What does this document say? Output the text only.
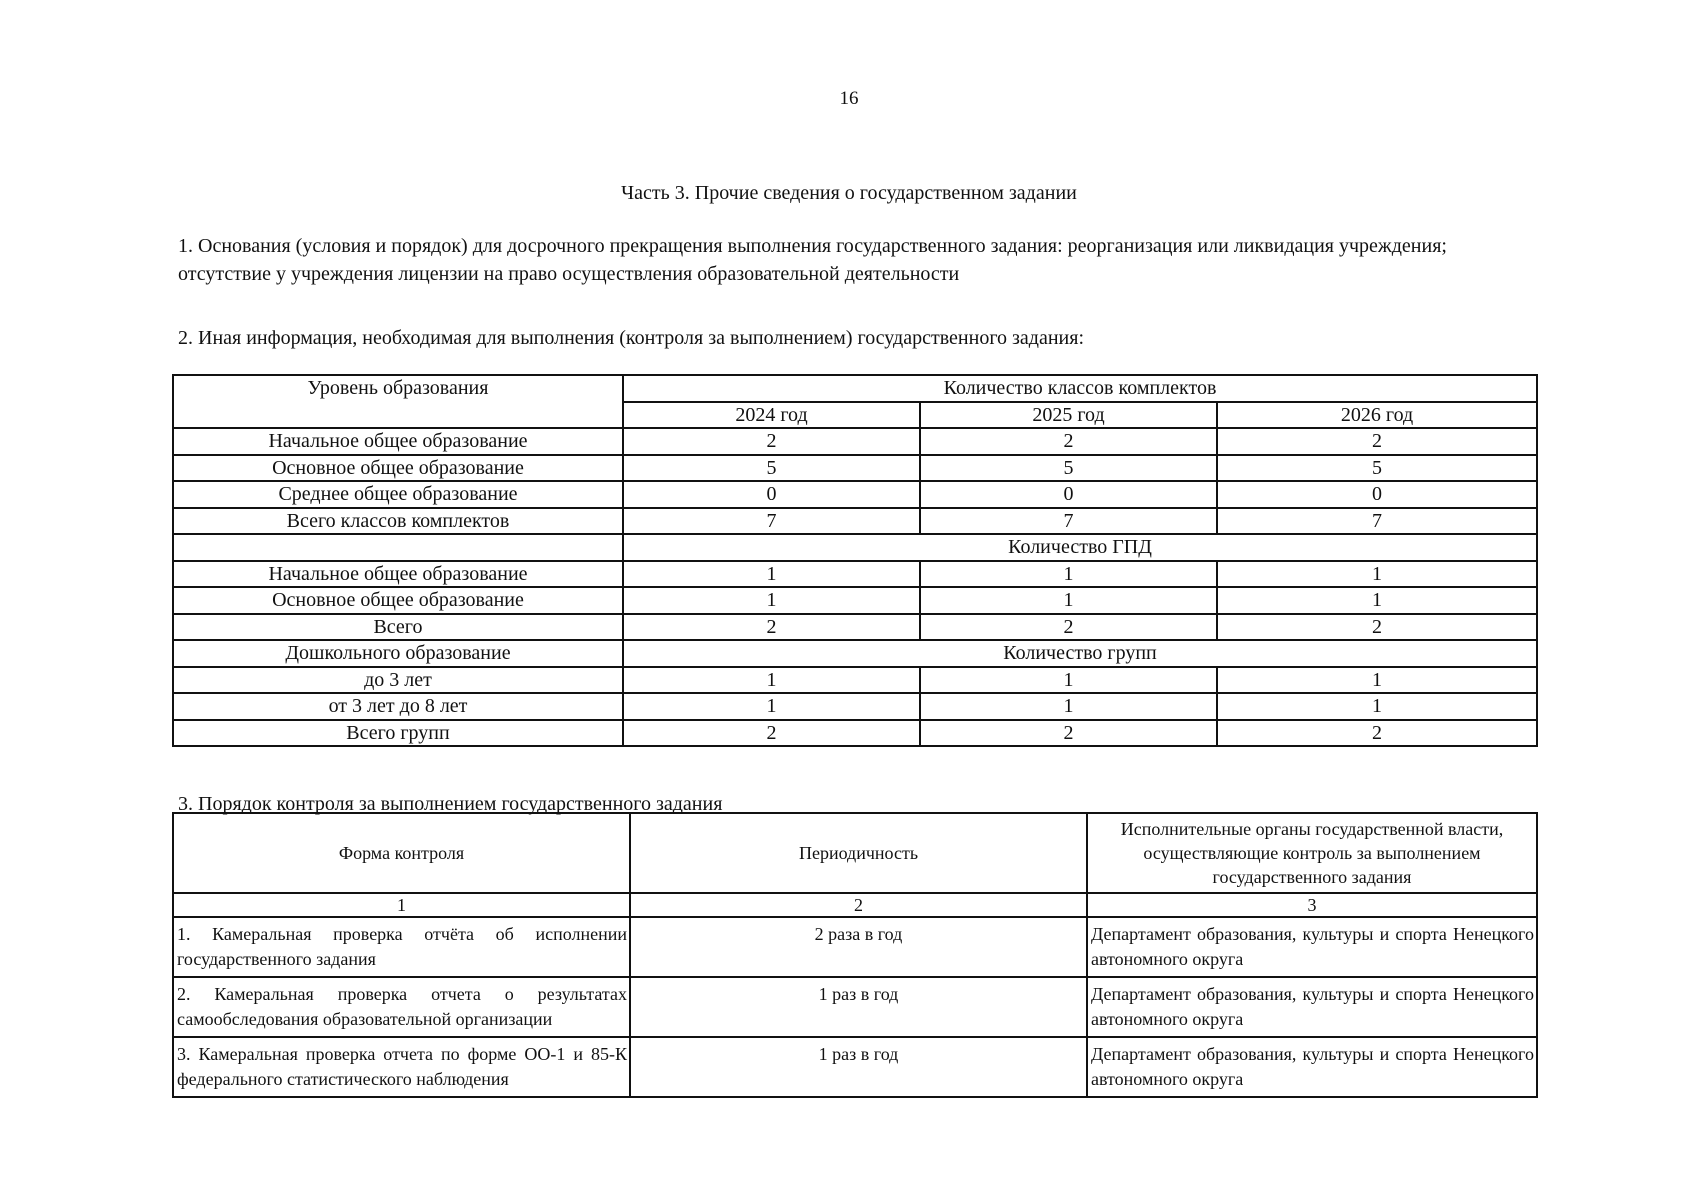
16
Часть 3. Прочие сведения о государственном задании
1. Основания (условия и порядок) для досрочного прекращения выполнения государственного задания: реорганизация или ликвидация учреждения; отсутствие у учреждения лицензии на право осуществления образовательной деятельности
2. Иная информация, необходимая для выполнения (контроля за выполнением) государственного задания:
Уровень образования	Количество классов комплектов		
	2024 год	2025 год	2026 год
Начальное общее образование	2	2	2
Основное общее образование	5	5	5
Среднее общее образование	0	0	0
Всего классов комплектов	7	7	7
	Количество ГПД		
Начальное общее образование	1	1	1
Основное общее образование	1	1	1
Всего	2	2	2
Дошкольного образование	Количество групп		
до 3 лет	1	1	1
от 3 лет до 8 лет	1	1	1
Всего групп	2	2	2
3. Порядок контроля за выполнением государственного задания
Форма контроля	Периодичность	Исполнительные органы государственной власти, осуществляющие контроль за выполнением государственного задания
1	2	3
1. Камеральная проверка отчёта об исполнении государственного задания	2 раза в год	Департамент образования, культуры и спорта Ненецкого автономного округа
2. Камеральная проверка отчета о результатах самообследования образовательной организации	1 раз в год	Департамент образования, культуры и спорта Ненецкого автономного округа
3. Камеральная проверка отчета по форме ОО-1 и 85-К федерального статистического наблюдения	1 раз в год	Департамент образования, культуры и спорта Ненецкого автономного округа
